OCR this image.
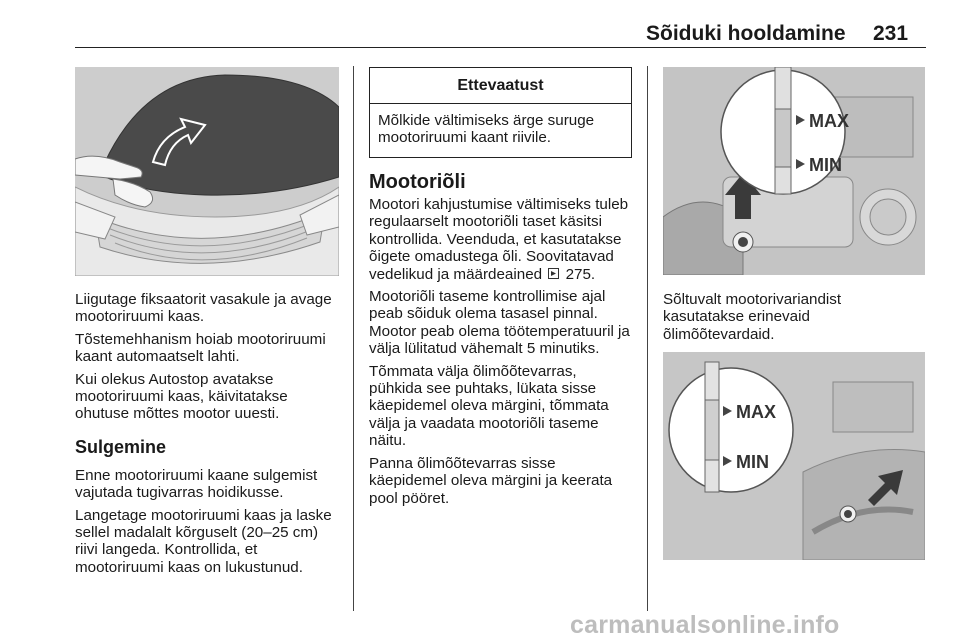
Sõiduki hooldamine 231

Liigutage fiksaatorit vasakule ja avage mootoriruumi kaas.

Tõstemehhanism hoiab mootoriruumi kaant automaatselt lahti.

Kui olekus Autostop avatakse mootoriruumi kaas, käivitatakse ohutuse mõttes mootor uuesti.

Sulgemine

Enne mootoriruumi kaane sulgemist vajutada tugivarras hoidikusse.

Langetage mootoriruumi kaas ja laske sellel madalalt kõrguselt (20–25 cm) riivi langeda. Kontrollida, et mootoriruumi kaas on lukustunud.

Ettevaatust

Mõlkide vältimiseks ärge suruge mootoriruumi kaant riivile.

Mootoriõli

Mootori kahjustumise vältimiseks tuleb regulaarselt mootoriõli taset käsitsi kontrollida. Veenduda, et kasutatakse õigete omadustega õli. Soovitatavad vedelikud ja määrdeained 275.

Mootoriõli taseme kontrollimise ajal peab sõiduk olema tasasel pinnal. Mootor peab olema töötemperatuuril ja välja lülitatud vähemalt 5 minutiks.

Tõmmata välja õlimõõtevarras, pühkida see puhtaks, lükata sisse käepidemel oleva märgini, tõmmata välja ja vaadata mootoriõli taseme näitu.

Panna õlimõõtevarras sisse käepidemel oleva märgini ja keerata pool pööret.

MAX
MIN

Sõltuvalt mootorivariandist kasutatakse erinevaid õlimõõtevardaid.

MAX
MIN
carmanualsonline.info
